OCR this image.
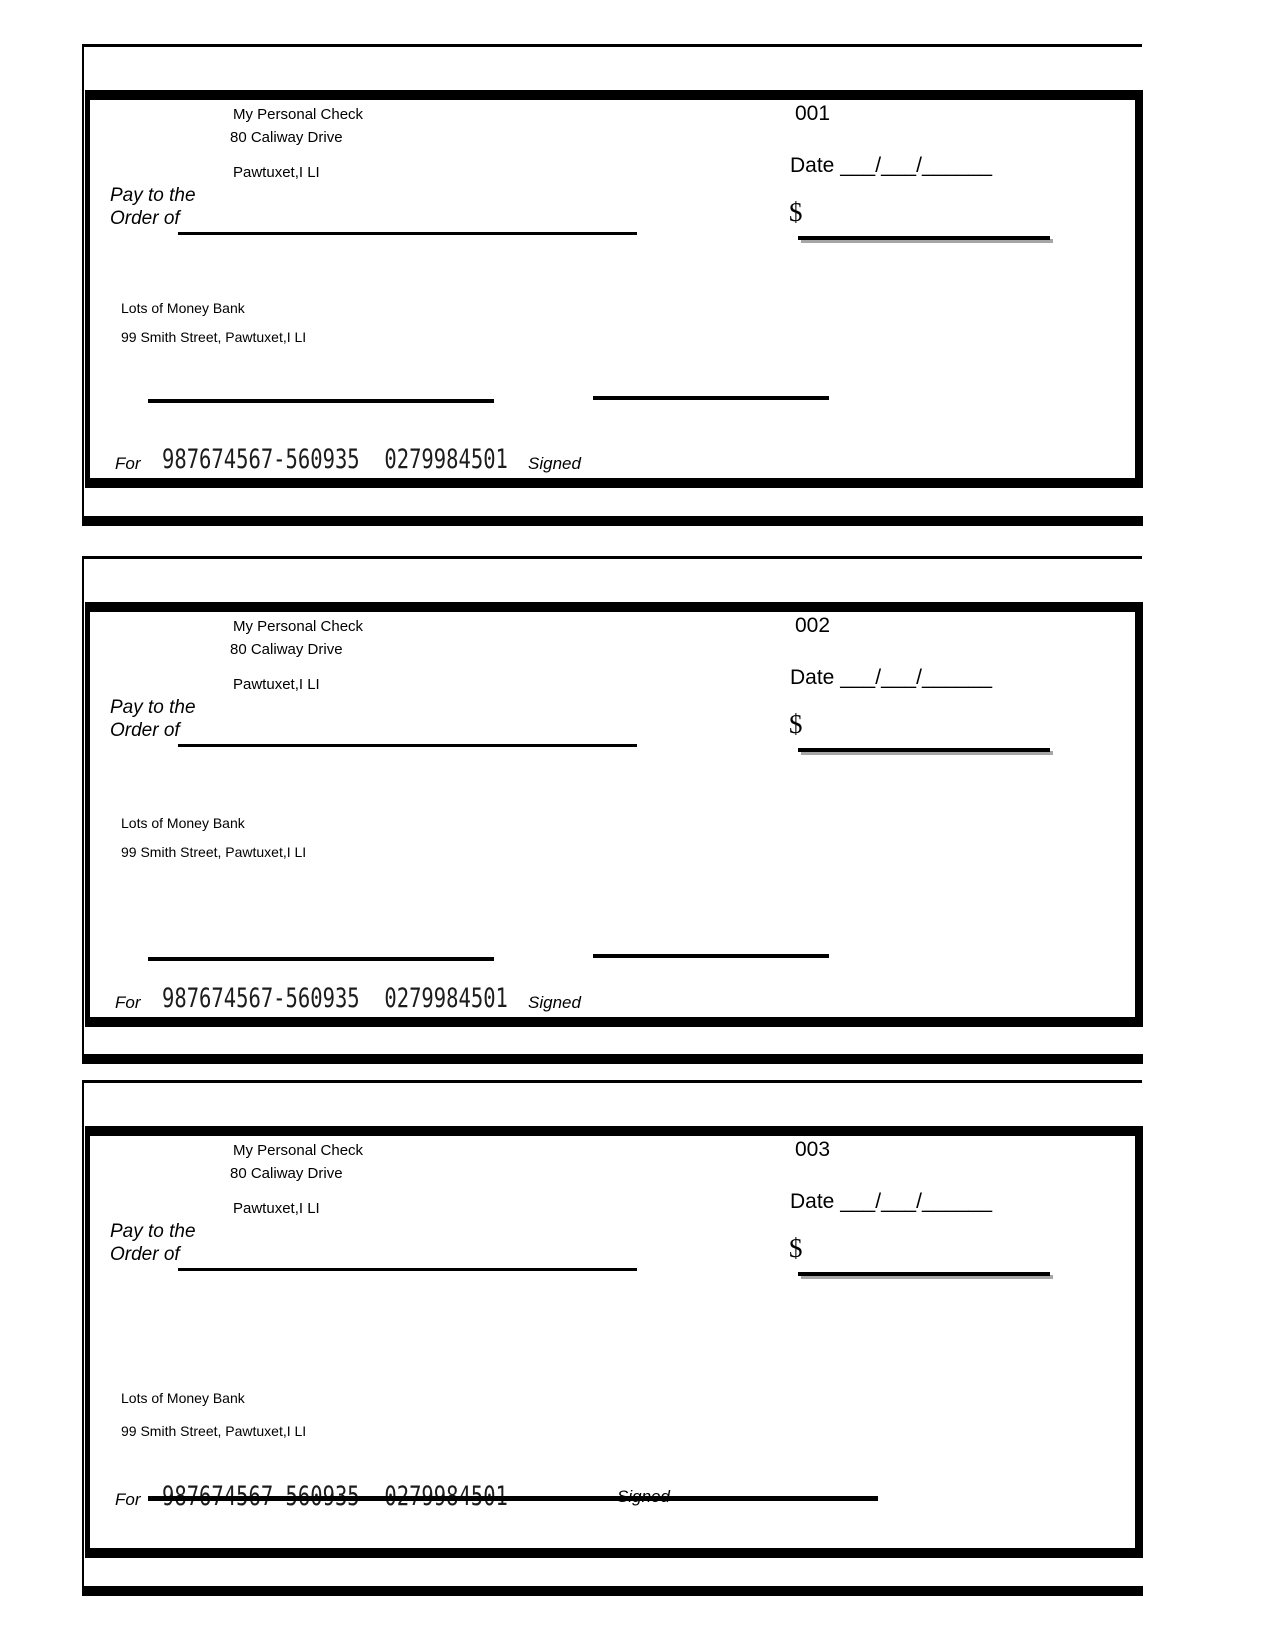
My Personal Check
80 Caliway Drive
Pawtuxet,I LI
001
Date ___/___/______
Pay to the
Order of	$
Lots of Money Bank
99 Smith Street, Pawtuxet,I LI
For 987674567-560935  0279984501 Signed
My Personal Check
80 Caliway Drive
Pawtuxet,I LI
002
Date ___/___/______
Pay to the
Order of	$
Lots of Money Bank
99 Smith Street, Pawtuxet,I LI
For 987674567-560935  0279984501 Signed
My Personal Check
80 Caliway Drive
Pawtuxet,I LI
003
Date ___/___/______
Pay to the
Order of	$
Lots of Money Bank
99 Smith Street, Pawtuxet,I LI
For
